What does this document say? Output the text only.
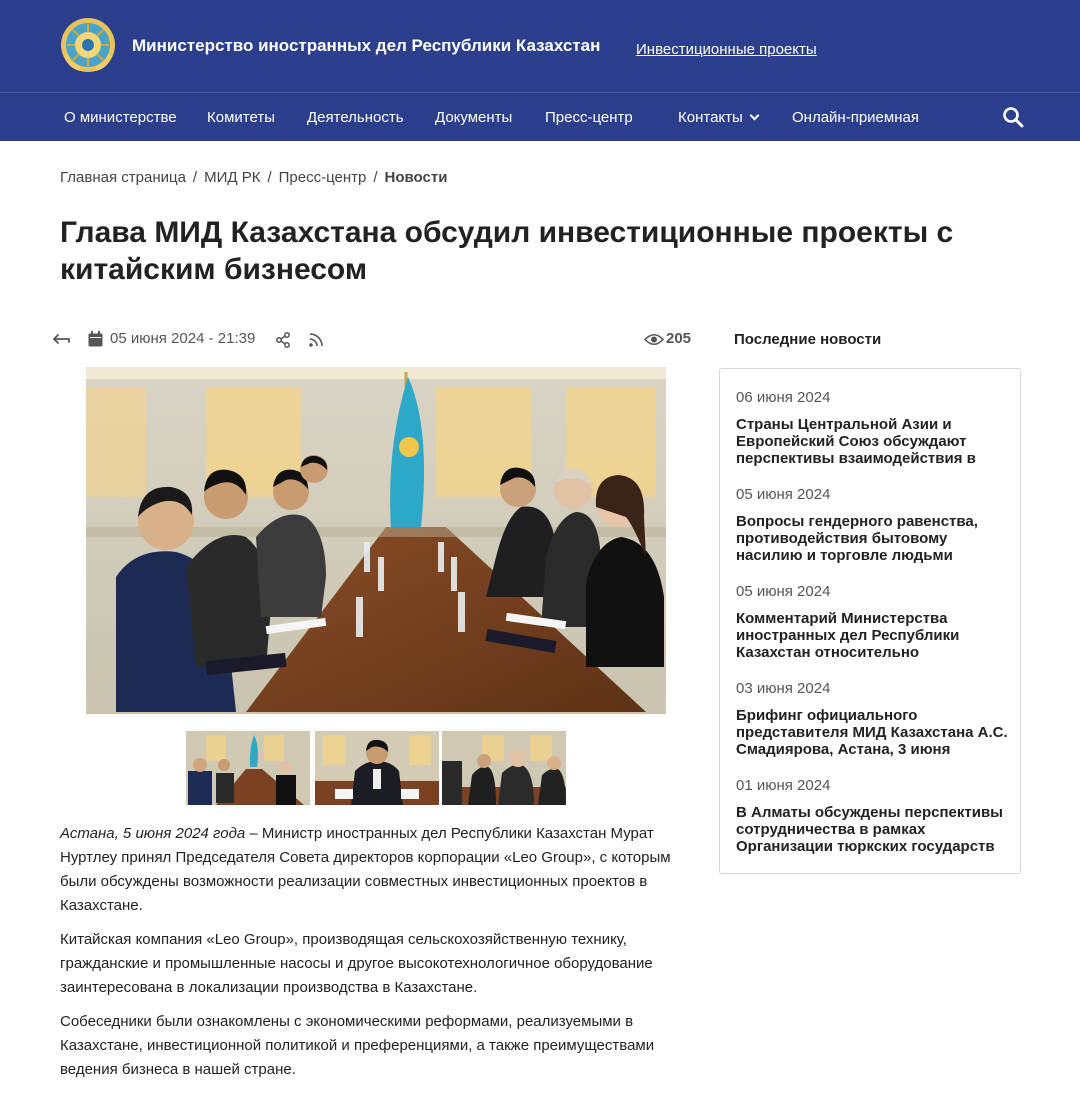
Министерство иностранных дел Республики Казахстан Инвестиционные проекты
О министерстве Комитеты Деятельность Документы Пресс-центр	Контакты	Онлайн-приемная
Главная страница / МИД РК / Пресс-центр / Новости
Глава МИД Казахстана обсудил инвестиционные проекты с китайским бизнесом
05 июня 2024 - 21:39	205	Последние новости

Астана, 5 июня 2024 года – Министр иностранных дел Республики Казахстан Мурат Нуртлеу принял Председателя Совета директоров корпорации «Leo Group», с которым были обсуждены возможности реализации совместных инвестиционных проектов в Казахстане.

Китайская компания «Leo Group», производящая сельскохозяйственную технику, гражданские и промышленные насосы и другое высокотехнологичное оборудование заинтересована в локализации производства в Казахстане.

Собеседники были ознакомлены с экономическими реформами, реализуемыми в Казахстане, инвестиционной политикой и преференциями, а также преимуществами ведения бизнеса в нашей стране.

06 июня 2024
Страны Центральной Азии и Европейский Союз обсуждают перспективы взаимодействия в
05 июня 2024
Вопросы гендерного равенства, противодействия бытовому насилию и торговле людьми
05 июня 2024
Комментарий Министерства иностранных дел Республики Казахстан относительно
03 июня 2024
Брифинг официального представителя МИД Казахстана А.С. Смадиярова, Астана, 3 июня
01 июня 2024
В Алматы обсуждены перспективы сотрудничества в рамках Организации тюркских государств
